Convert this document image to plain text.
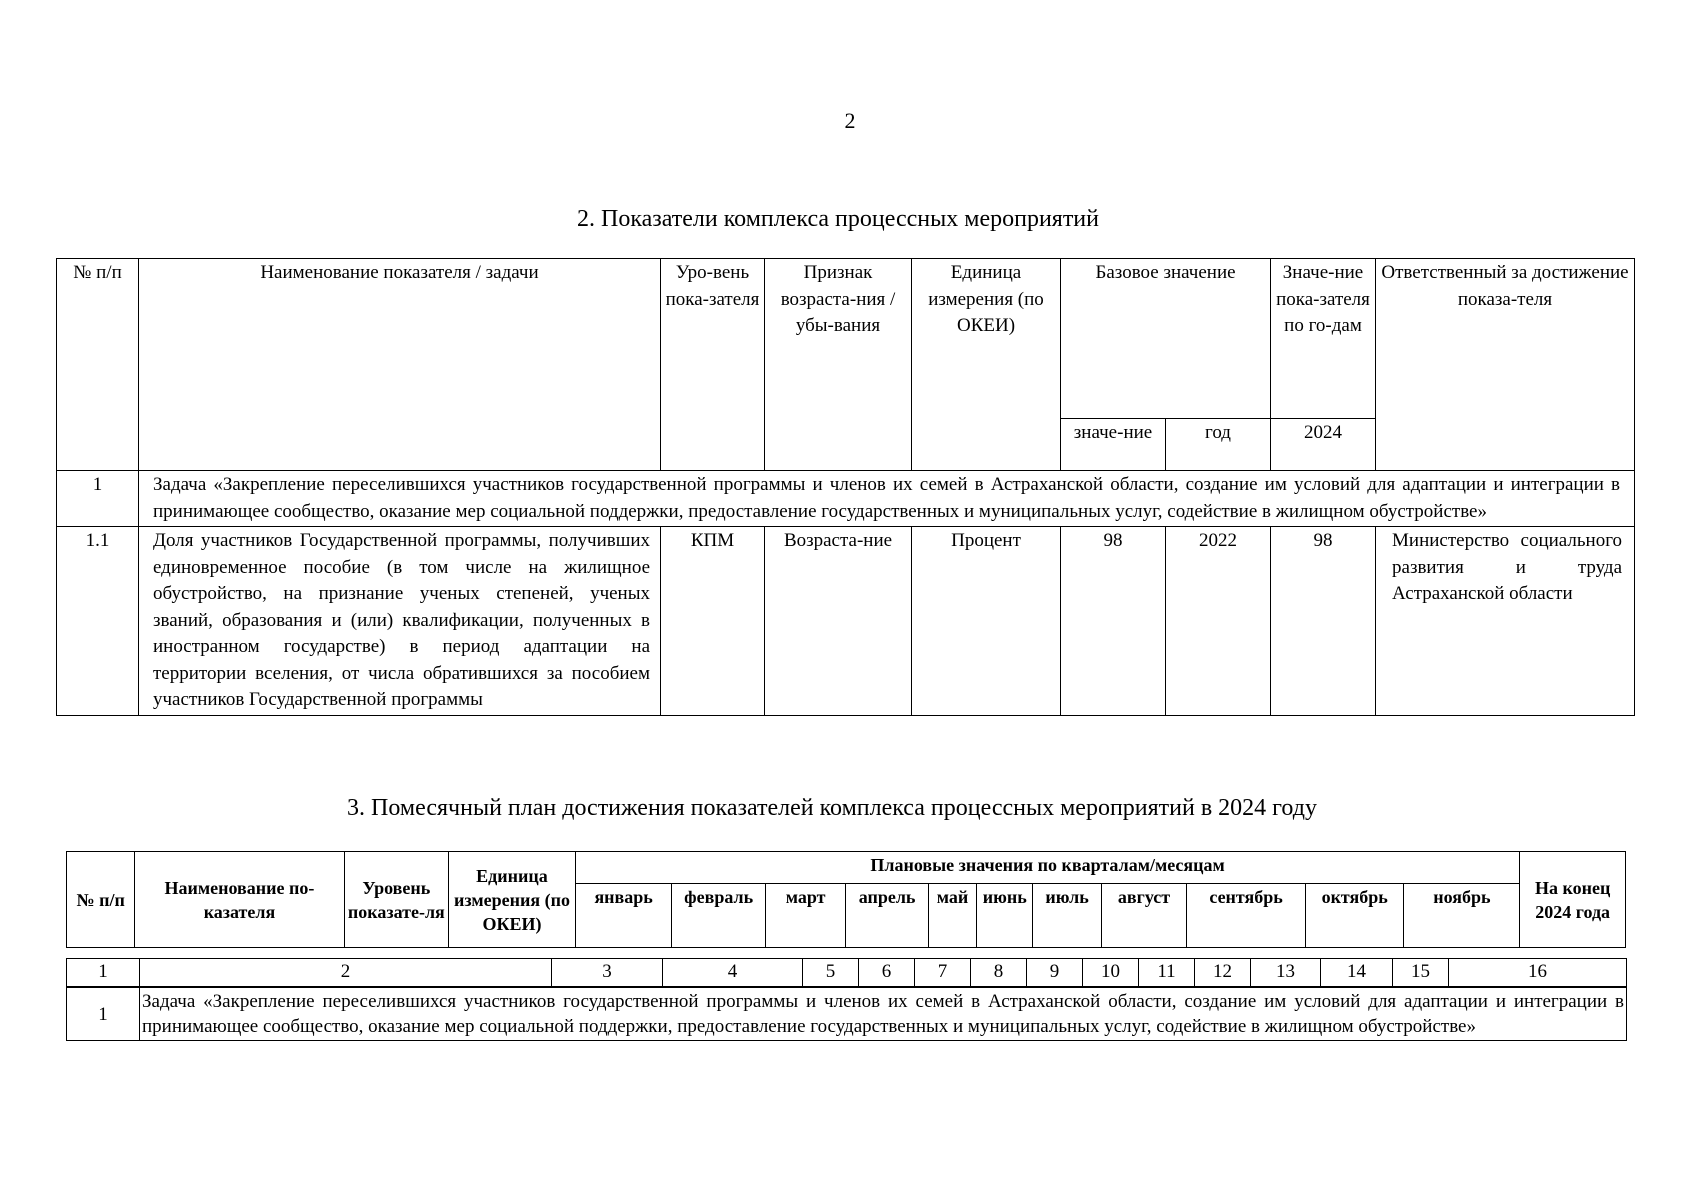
2
2. Показатели комплекса процессных мероприятий
№ п/п	Наименование показателя / задачи	Уро-вень пока-зателя	Признак возраста-ния / убы-вания	Единица измерения (по ОКЕИ)	Базовое значение		Значе-ние пока-зателя по го-дам	Ответственный за достижение показа-теля
					значе-ние	год	2024	
1	Задача «Закрепление переселившихся участников государственной программы и членов их семей в Астраханской области, создание им условий для адаптации и интеграции в принимающее сообщество, оказание мер социальной поддержки, предоставление государственных и муниципальных услуг, содействие в жилищном обустройстве»							
1.1	Доля участников Государственной программы, получивших единовременное пособие (в том числе на жилищное обустройство, на признание ученых степеней, ученых званий, образования и (или) квалификации, полученных в иностранном государстве) в период адаптации на территории вселения, от числа обратившихся за пособием участников Государственной программы	КПМ	Возраста-ние	Процент	98	2022	98	Министерство социального развития и труда Астраханской области
3. Помесячный план достижения показателей комплекса процессных мероприятий в 2024 году
№ п/п	Наименование по-казателя	Уровень показате-ля	Единица измерения (по ОКЕИ)	Плановые значения по кварталам/месяцам											На конец 2024 года
				январь	февраль	март	апрель	май	июнь	июль	август	сентябрь	октябрь	ноябрь	
1	2	3	4	5	6	7	8	9	10	11	12	13	14	15	16
1	Задача «Закрепление переселившихся участников государственной программы и членов их семей в Астраханской области, создание им условий для адаптации и интеграции в принимающее сообщество, оказание мер социальной поддержки, предоставление государственных и муниципальных услуг, содействие в жилищном обустройстве»
